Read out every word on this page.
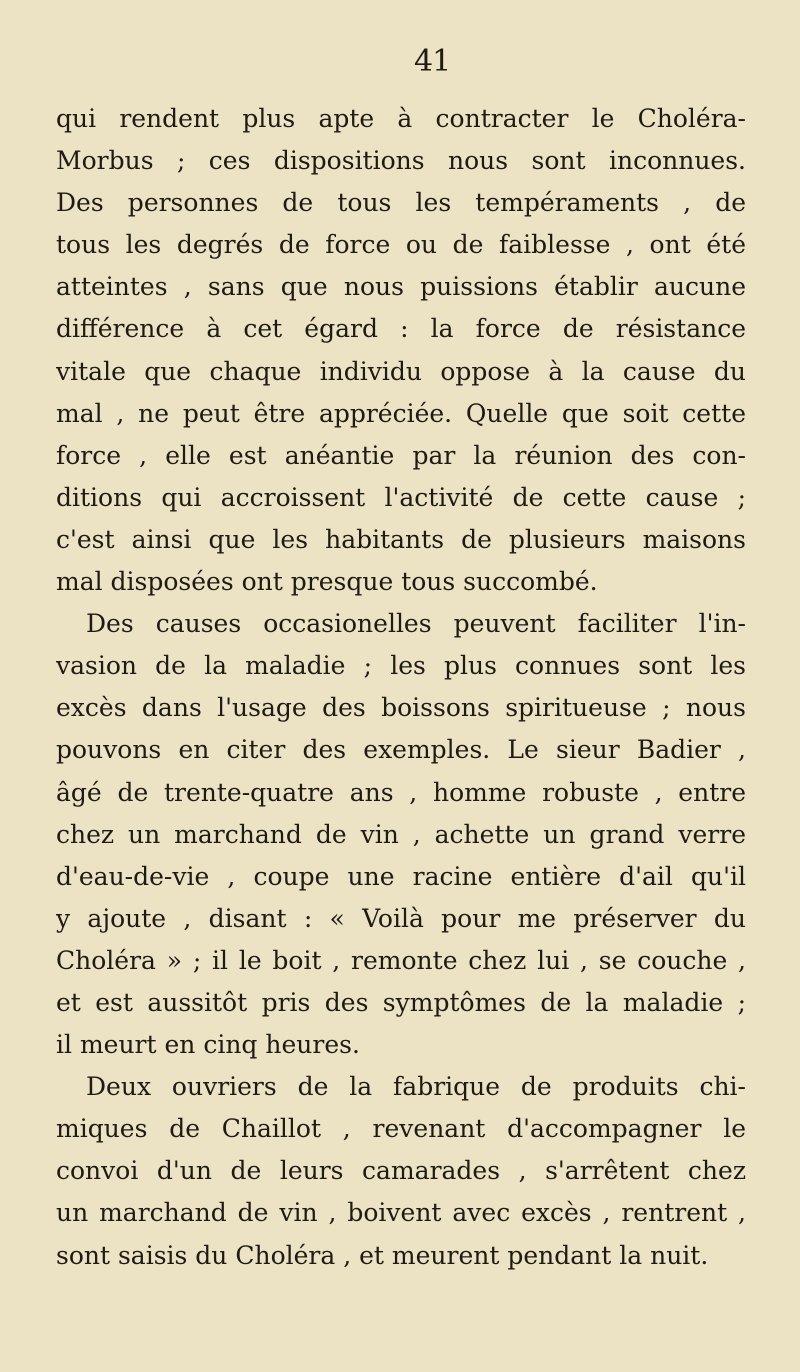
41
qui rendent plus apte à contracter le Choléra-
Morbus ; ces dispositions nous sont inconnues.
Des personnes de tous les tempéraments , de
tous les degrés de force ou de faiblesse , ont été
atteintes , sans que nous puissions établir aucune
différence à cet égard : la force de résistance
vitale que chaque individu oppose à la cause du
mal , ne peut être appréciée. Quelle que soit cette
force , elle est anéantie par la réunion des con-
ditions qui accroissent l'activité de cette cause ;
c'est ainsi que les habitants de plusieurs maisons
mal disposées ont presque tous succombé.
Des causes occasionelles peuvent faciliter l'in-
vasion de la maladie ; les plus connues sont les
excès dans l'usage des boissons spiritueuse ; nous
pouvons en citer des exemples. Le sieur Badier ,
âgé de trente-quatre ans , homme robuste , entre
chez un marchand de vin , achette un grand verre
d'eau-de-vie , coupe une racine entière d'ail qu'il
y ajoute , disant : « Voilà pour me préserver du
Choléra » ; il le boit , remonte chez lui , se couche ,
et est aussitôt pris des symptômes de la maladie ;
il meurt en cinq heures.
Deux ouvriers de la fabrique de produits chi-
miques de Chaillot , revenant d'accompagner le
convoi d'un de leurs camarades , s'arrêtent chez
un marchand de vin , boivent avec excès , rentrent ,
sont saisis du Choléra , et meurent pendant la nuit.
